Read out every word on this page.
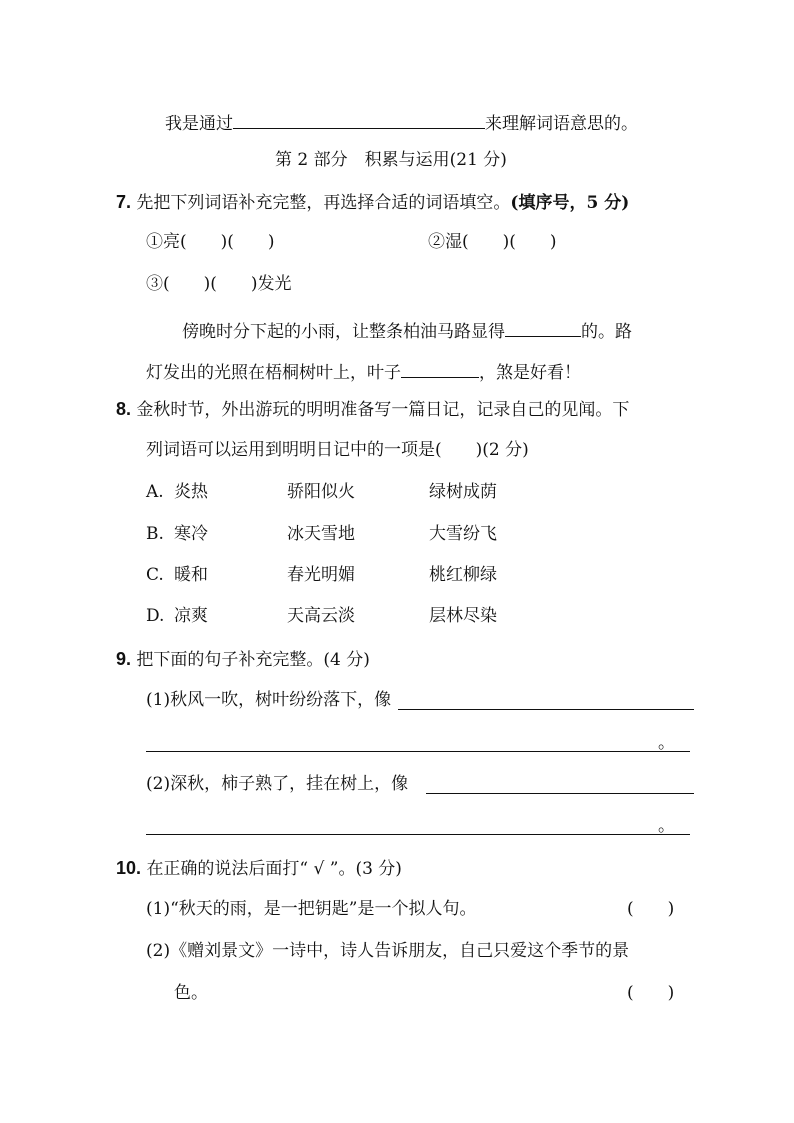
我是通过	来理解词语意思的。
第 2 部分　积累与运用(21 分)
7. 先把下列词语补充完整，再选择合适的词语填空。(填序号，5 分)
①亮(　　)(　　)	②湿(　　)(　　)
③(　　)(　　)发光
傍晚时分下起的小雨，让整条柏油马路显得	的。路
灯发出的光照在梧桐树叶上，叶子	，煞是好看！
8. 金秋时节，外出游玩的明明准备写一篇日记，记录自己的见闻。下
列词语可以运用到明明日记中的一项是(　　)(2 分)
A. 炎热	骄阳似火	绿树成荫
B. 寒冷	冰天雪地	大雪纷飞
C. 暖和	春光明媚	桃红柳绿
D. 凉爽	天高云淡	层林尽染
9. 把下面的句子补充完整。(4 分)
(1)秋风一吹，树叶纷纷落下，像
。
(2)深秋，柿子熟了，挂在树上，像
。
10. 在正确的说法后面打“ √ ”。(3 分)
(1)“秋天的雨，是一把钥匙”是一个拟人句。	(　　)
(2)《赠刘景文》一诗中，诗人告诉朋友，自己只爱这个季节的景
色。	(　　)
